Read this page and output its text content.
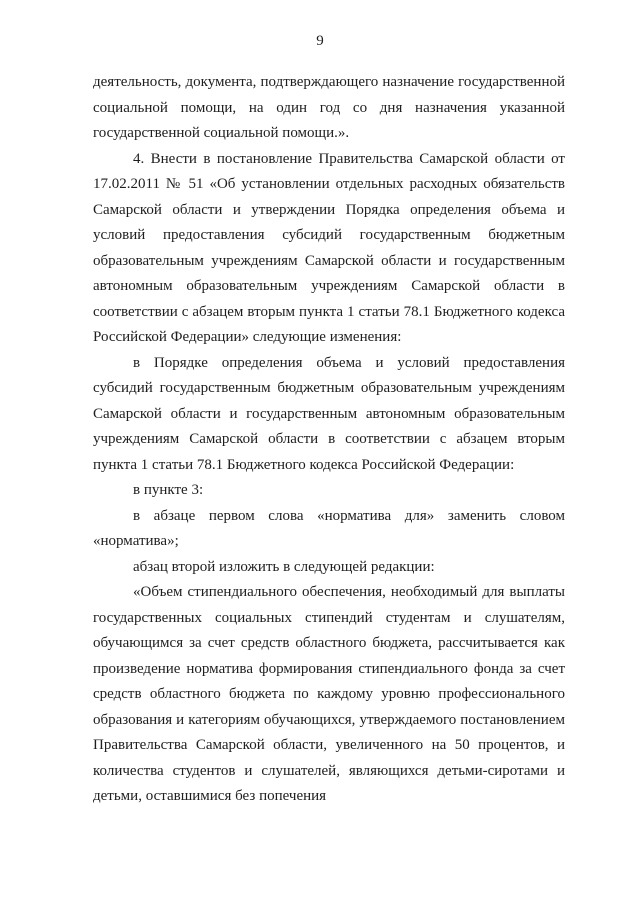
9

деятельность, документа, подтверждающего назначение государственной социальной помощи, на один год со дня назначения указанной государственной социальной помощи.».

4. Внести в постановление Правительства Самарской области от 17.02.2011 № 51 «Об установлении отдельных расходных обязательств Самарской области и утверждении Порядка определения объема и условий предоставления субсидий государственным бюджетным образовательным учреждениям Самарской области и государственным автономным образовательным учреждениям Самарской области в соответствии с абзацем вторым пункта 1 статьи 78.1 Бюджетного кодекса Российской Федерации» следующие изменения:

в Порядке определения объема и условий предоставления субсидий государственным бюджетным образовательным учреждениям Самарской области и государственным автономным образовательным учреждениям Самарской области в соответствии с абзацем вторым пункта 1 статьи 78.1 Бюджетного кодекса Российской Федерации:

в пункте 3:

в абзаце первом слова «норматива для» заменить словом «норматива»;

абзац второй изложить в следующей редакции:

«Объем стипендиального обеспечения, необходимый для выплаты государственных социальных стипендий студентам и слушателям, обучающимся за счет средств областного бюджета, рассчитывается как произведение норматива формирования стипендиального фонда за счет средств областного бюджета по каждому уровню профессионального образования и категориям обучающихся, утверждаемого постановлением Правительства Самарской области, увеличенного на 50 процентов, и количества студентов и слушателей, являющихся детьми-сиротами и детьми, оставшимися без попечения
